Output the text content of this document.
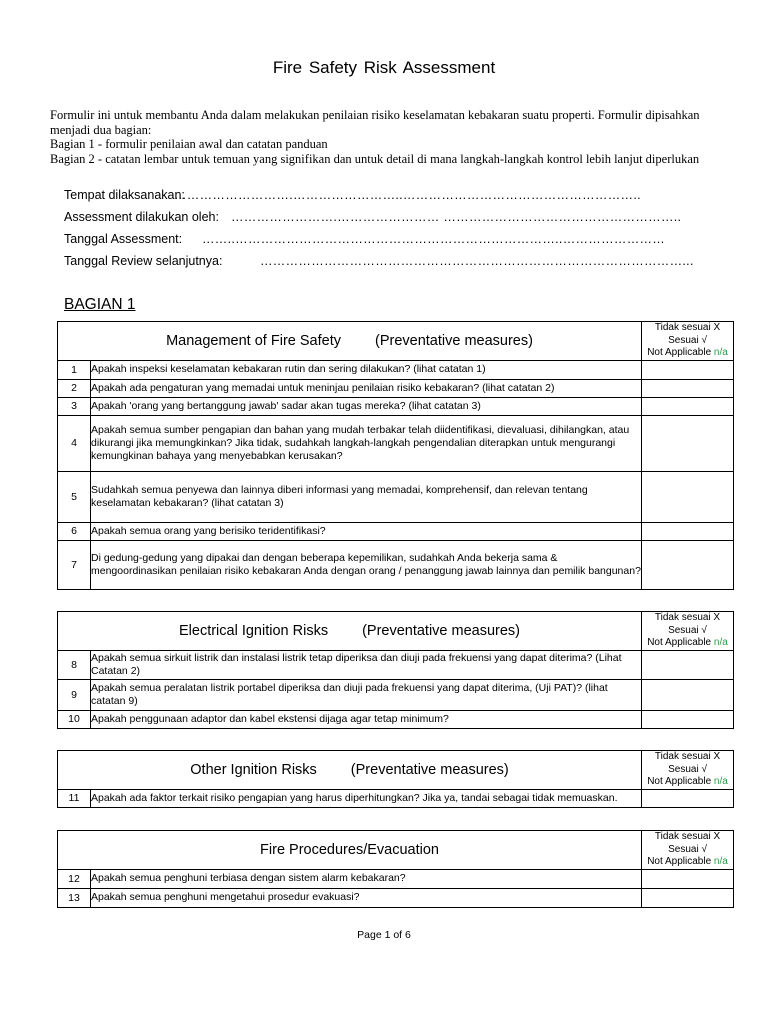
Fire Safety Risk Assessment
Formulir ini untuk membantu Anda dalam melakukan penilaian risiko keselamatan kebakaran suatu properti. Formulir dipisahkan
menjadi dua bagian:
Bagian 1 - formulir penilaian awal dan catatan panduan
Bagian 2 - catatan lembar untuk temuan yang signifikan dan untuk detail di mana langkah-langkah kontrol lebih lanjut diperlukan
Tempat dilaksanakan:
……………………….……………………..………………………………………………..
Assessment dilakukan oleh: …………………….…………………… ………………………………………………..
Tanggal Assessment: ……..…………………………………………………………………..……………………
Tanggal Review selanjutnya:	………………………………………………………………………………………...
BAGIAN 1
Management of Fire Safety (Preventative measures)		Tidak sesuai X
Sesuai √
Not Applicable n/a

1	Apakah inspeksi keselamatan kebakaran rutin dan sering dilakukan? (lihat catatan 1)	
2	Apakah ada pengaturan yang memadai untuk meninjau penilaian risiko kebakaran? (lihat catatan 2)	
3	Apakah 'orang yang bertanggung jawab' sadar akan tugas mereka? (lihat catatan 3)	
4	Apakah semua sumber pengapian dan bahan yang mudah terbakar telah diidentifikasi, dievaluasi, dihilangkan, atau dikurangi jika memungkinkan? Jika tidak, sudahkah langkah-langkah pengendalian diterapkan untuk mengurangi kemungkinan bahaya yang menyebabkan kerusakan?	
5	Sudahkah semua penyewa dan lainnya diberi informasi yang memadai, komprehensif, dan relevan tentang keselamatan kebakaran? (lihat catatan 3)	
6	Apakah semua orang yang berisiko teridentifikasi?	
7	Di gedung-gedung yang dipakai dan dengan beberapa kepemilikan, sudahkah Anda bekerja sama & mengoordinasikan penilaian risiko kebakaran Anda dengan orang / penanggung jawab lainnya dan pemilik bangunan?	
Electrical Ignition Risks (Preventative measures)		Tidak sesuai X
Sesuai √
Not Applicable n/a

8	Apakah semua sirkuit listrik dan instalasi listrik tetap diperiksa dan diuji pada frekuensi yang dapat diterima? (Lihat Catatan 2)	
9	Apakah semua peralatan listrik portabel diperiksa dan diuji pada frekuensi yang dapat diterima, (Uji PAT)? (lihat catatan 9)	
10	Apakah penggunaan adaptor dan kabel ekstensi dijaga agar tetap minimum?	
Other Ignition Risks (Preventative measures)		Tidak sesuai X
Sesuai √
Not Applicable n/a

11	Apakah ada faktor terkait risiko pengapian yang harus diperhitungkan? Jika ya, tandai sebagai tidak memuaskan.	
Fire Procedures/Evacuation		Tidak sesuai X
Sesuai √
Not Applicable n/a

12	Apakah semua penghuni terbiasa dengan sistem alarm kebakaran?	
13	Apakah semua penghuni mengetahui prosedur evakuasi?	
Page 1 of 6
